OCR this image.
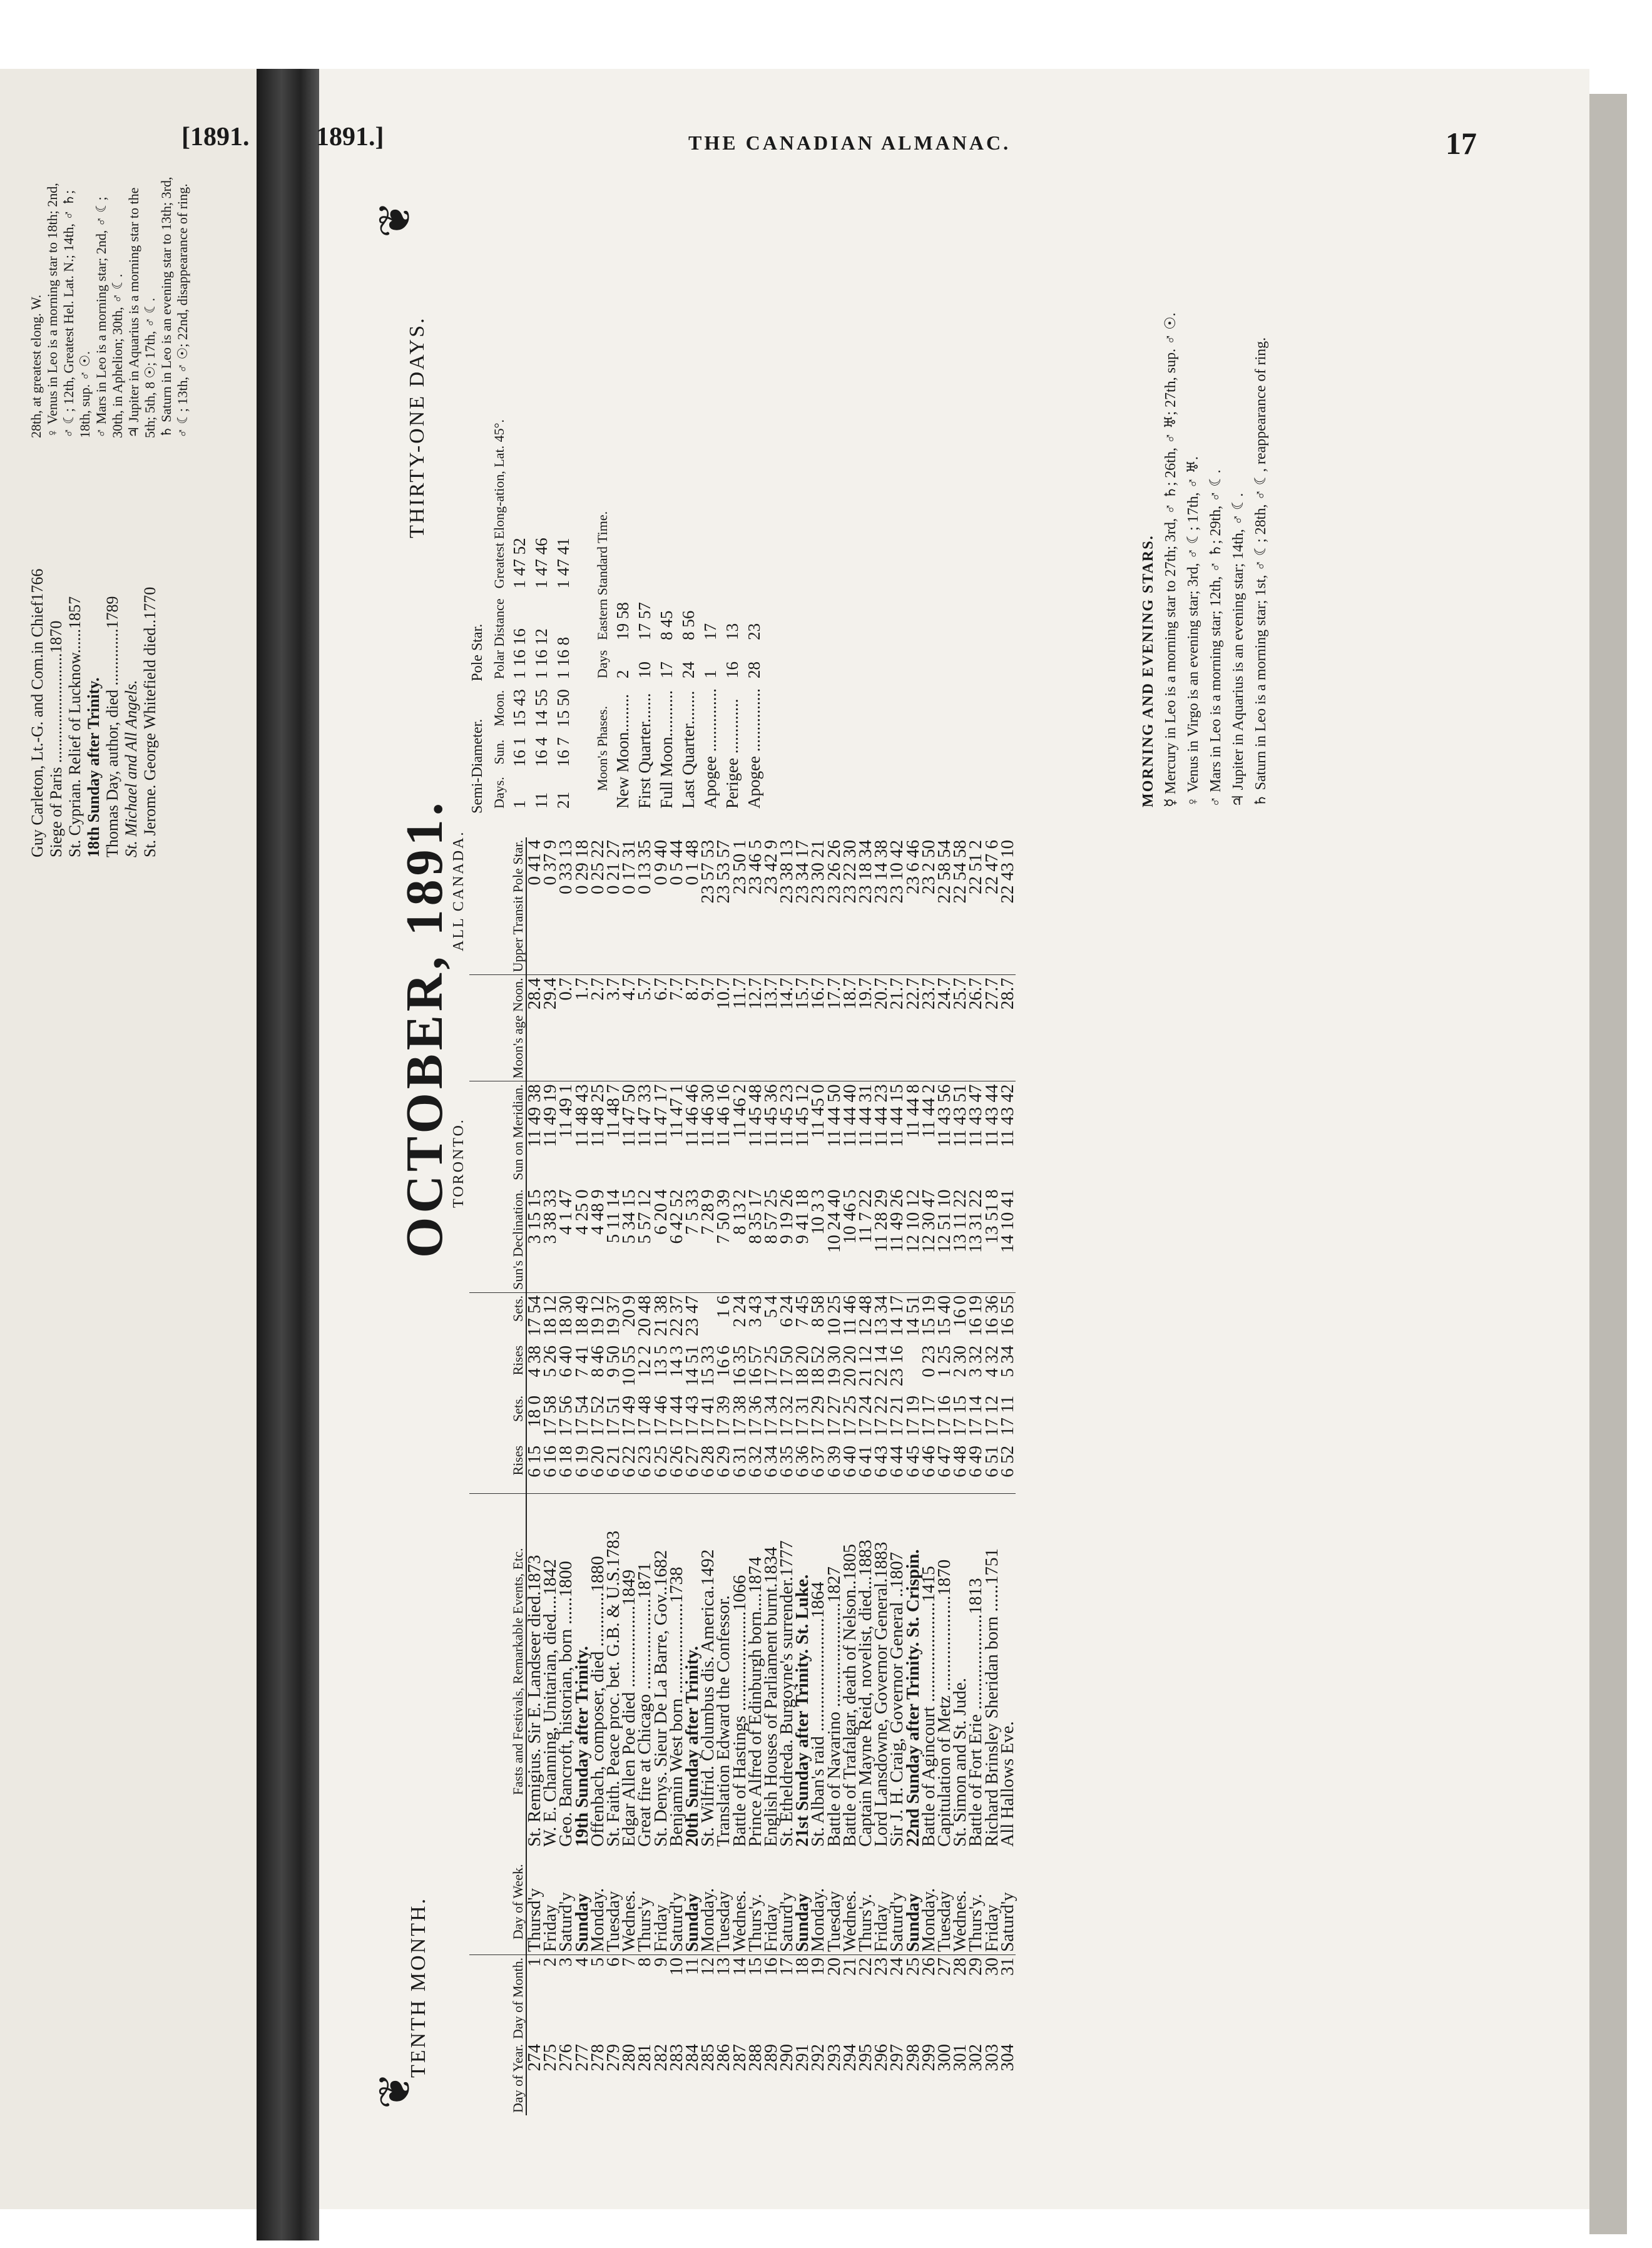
[1891.	1891.]	THE CANADIAN ALMANAC.	17
Guy Carleton, Lt.-G. and Com.in Chief1766 Siege of Paris ...........................1870 St. Cyprian. Relief of Lucknow......1857 18th Sunday after Trinity. Thomas Day, author, died ..............1789 St. Michael and All Angels. St. Jerome. George Whitefield died..1770
28th, at greatest elong. W. ♀ Venus in Leo is a morning star to 18th; 2nd, ♂ ☾; 12th, Greatest Hel. Lat. N.; 14th, ♂ ♄; 18th, sup. ♂ ☉. ♂ Mars in Leo is a morning star; 2nd, ♂ ☾; 30th, in Aphelion; 30th, ♂ ☾. ♃ Jupiter in Aquarius is a morning star to the 5th; 5th, 8 ☉; 17th, ♂ ☾. ♄ Saturn in Leo is an evening star to 13th; 3rd, ♂ ☾; 13th, ♂ ☉; 22nd, disappearance of ring.
❦
❦
TENTH MONTH.
OCTOBER, 1891.
THIRTY-ONE DAYS.
TORONTO.
ALL CANADA.
Day of Year.	Day of Month.	Day of Week.	Fasts and Festivals, Remarkable Events, Etc.	Rises	Sets.	Rises	Sets.	Sun's Declination.	Sun on Meridian.	Moon's age Noon.	Upper Transit Pole Star.
274	1	Thursd'y	St. Remigius. Sir E. Landseer died.1873	6 15	18 0	4 38	17 54	3 15 15	11 49 38	28.4	0 41 4
275	2	Friday	W. E. Channing, Unitarian, died....1842	6 16	17 58	5 26	18 12	3 38 33	11 49 19	29.4	0 37 9
276	3	Saturd'y	Geo. Bancroft, historian, born ......1800	6 18	17 56	6 40	18 30	4 1 47	11 49 1	0.7	0 33 13
277	4	Sunday	19th Sunday after Trinity.	6 19	17 54	7 41	18 49	4 25 0	11 48 43	1.7	0 29 18
278	5	Monday.	Offenbach, composer, died ............1880	6 20	17 52	8 46	19 12	4 48 9	11 48 25	2.7	0 25 22
279	6	Tuesday	St. Faith. Peace proc. bet. G.B. & U.S.1783	6 21	17 51	9 50	19 37	5 11 14	11 48 7	3.7	0 21 27
280	7	Wednes.	Edgar Allen Poe died ..................1849	6 22	17 49	10 55	20 9	5 34 15	11 47 50	4.7	0 17 31
281	8	Thurs'y	Great fire at Chicago ....................1871	6 23	17 48	12 2	20 48	5 57 12	11 47 33	5.7	0 13 35
282	9	Friday	St. Denys. Sieur De La Barre, Gov..1682	6 25	17 46	13 5	21 38	6 20 4	11 47 17	6.7	0 9 40
283	10	Saturd'y	Benjamin West born ....................1738	6 26	17 44	14 3	22 37	6 42 52	11 47 1	7.7	0 5 44
284	11	Sunday	20th Sunday after Trinity.	6 27	17 43	14 51	23 47	7 5 33	11 46 46	8.7	0 1 48
285	12	Monday.	St. Wilfrid. Columbus dis. America.1492	6 28	17 41	15 33		7 28 9	11 46 30	9.7	23 57 53
286	13	Tuesday	Translation Edward the Confessor.	6 29	17 39	16 6	1 6	7 50 39	11 46 16	10.7	23 53 57
287	14	Wednes.	Battle of Hastings ......................1066	6 31	17 38	16 35	2 24	8 13 2	11 46 2	11.7	23 50 1
288	15	Thurs'y.	Prince Alfred of Edinburgh born....1874	6 32	17 36	16 57	3 43	8 35 17	11 45 48	12.7	23 46 5
289	16	Friday	English Houses of Parliament burnt.1834	6 34	17 34	17 25	5 4	8 57 25	11 45 36	13.7	23 42 9
290	17	Saturd'y	St. Etheldreda. Burgoyne's surrender.1777	6 35	17 32	17 50	6 24	9 19 26	11 45 23	14.7	23 38 13
291	18	Sunday	21st Sunday after Trinity. St. Luke.	6 36	17 31	18 20	7 45	9 41 18	11 45 12	15.7	23 34 17
292	19	Monday.	St. Alban's raid .........................1864	6 37	17 29	18 52	8 58	10 3 3	11 45 0	16.7	23 30 21
293	20	Tuesday	Battle of Navarino .......................1827	6 39	17 27	19 30	10 25	10 24 40	11 44 50	17.7	23 26 26
294	21	Wednes.	Battle of Trafalgar, death of Nelson..1805	6 40	17 25	20 20	11 46	10 46 5	11 44 40	18.7	23 22 30
295	22	Thurs'y.	Captain Mayne Reid, novelist, died...1883	6 41	17 24	21 12	12 48	11 7 22	11 44 31	19.7	23 18 34
296	23	Friday	Lord Lansdowne, Governor General.1883	6 43	17 22	22 14	13 34	11 28 29	11 44 23	20.7	23 14 38
297	24	Saturd'y	Sir J. H. Craig, Governor General ..1807	6 44	17 21	23 16	14 17	11 49 26	11 44 15	21.7	23 10 42
298	25	Sunday	22nd Sunday after Trinity. St. Crispin.	6 45	17 19		14 51	12 10 12	11 44 8	22.7	23 6 46
299	26	Monday.	Battle of Agincourt ......................1415	6 46	17 17	0 23	15 19	12 30 47	11 44 2	23.7	23 2 50
300	27	Tuesday	Capitulation of Metz .....................1870	6 47	17 16	1 25	15 40	12 51 10	11 43 56	24.7	22 58 54
301	28	Wednes.	St. Simon and St. Jude.	6 48	17 15	2 30	16 0	13 11 22	11 43 51	25.7	22 54 58
302	29	Thurs'y.	Battle of Fort Erie .....................1813	6 49	17 14	3 32	16 19	13 31 22	11 43 47	26.7	22 51 2
303	30	Friday	Richard Brinsley Sheridan born ......1751	6 51	17 12	4 32	16 36	13 51 8	11 43 44	27.7	22 47 6
304	31	Saturd'y	All Hallows Eve.	6 52	17 11	5 34	16 55	14 10 41	11 43 42	28.7	22 43 10
Semi-Diameter.
Pole Star.
Days.	Sun.	Moon.	Polar Distance	Greatest Elong-ation, Lat. 45°.
1	16 1	15 43	1 16 16	1 47 52
11	16 4	14 55	1 16 12	1 47 46
21	16 7	15 50	1 16 8	1 47 41
Moon's Phases.	Days	Eastern Standard Time.
New Moon.........	2	19 58
First Quarter.......	10	17 57
Full Moon...........	17	8 45
Last Quarter........	24	8 56
Apogee ...............	1	17
Perigee .............	16	13
Apogee ...............	28	23	MORNING AND EVENING STARS. ☿ Mercury in Leo is a morning star to 27th; 3rd, ♂ ♄; 26th, ♂ ♅; 27th, sup. ♂ ☉. ♀ Venus in Virgo is an evening star; 3rd, ♂ ☾; 17th, ♂ ♅. ♂ Mars in Leo is a morning star; 12th, ♂ ♄; 29th, ♂ ☾. ♃ Jupiter in Aquarius is an evening star; 14th, ♂ ☾. ♄ Saturn in Leo is a morning star; 1st, ♂ ☾; 28th, ♂ ☾, reappearance of ring.
